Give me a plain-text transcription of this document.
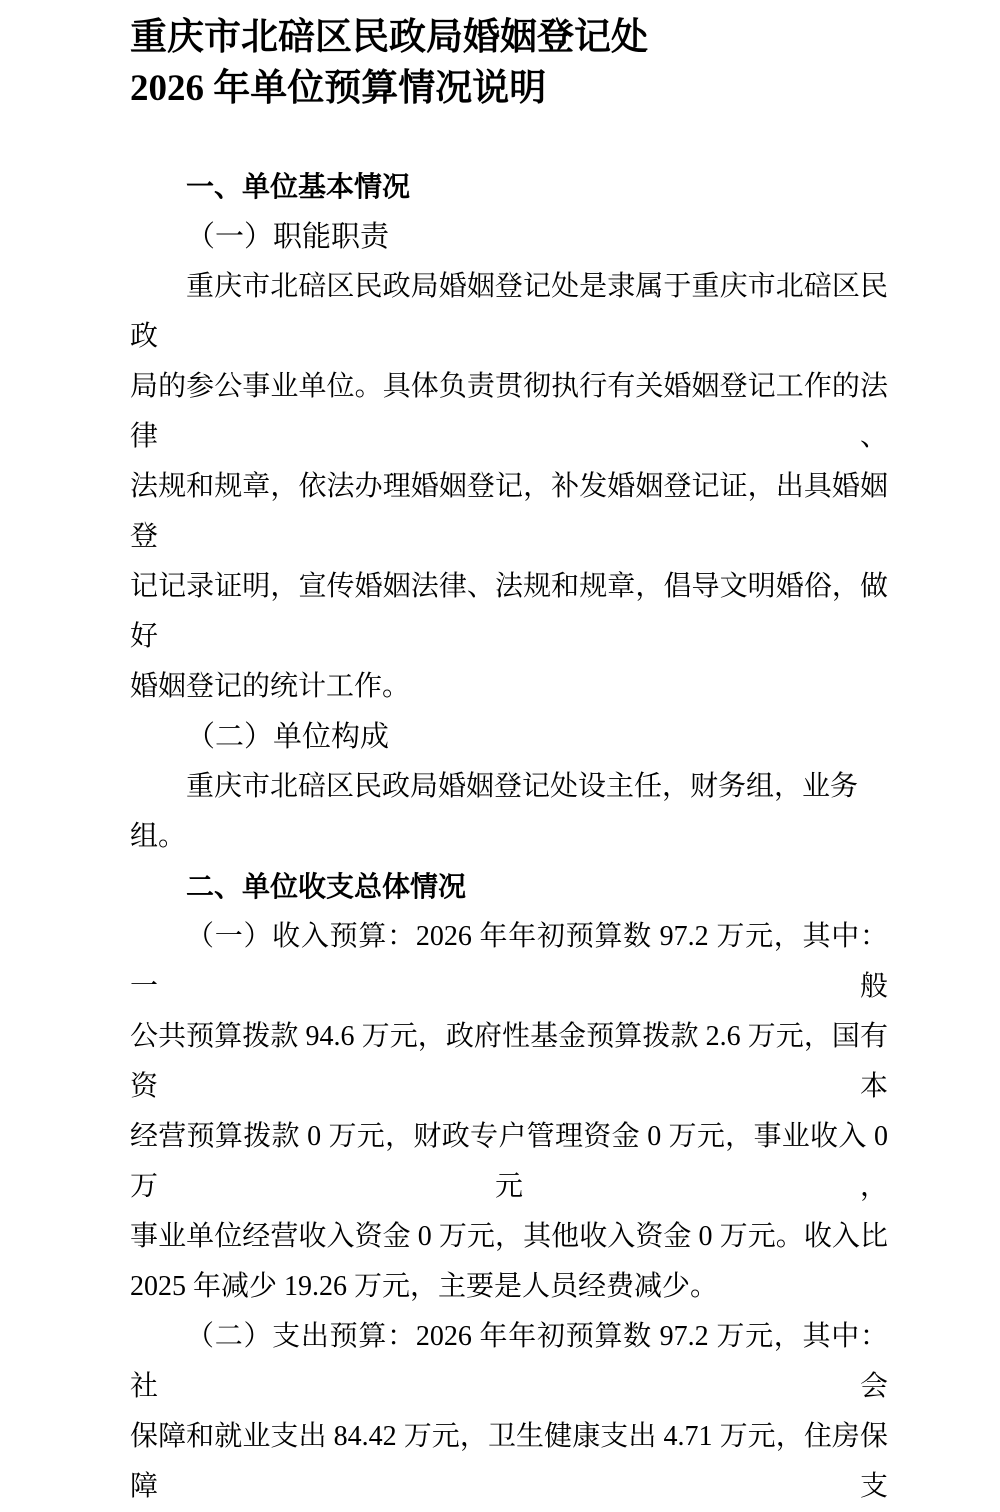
重庆市北碚区民政局婚姻登记处
2026 年单位预算情况说明
一、单位基本情况
（一）职能职责
重庆市北碚区民政局婚姻登记处是隶属于重庆市北碚区民政
局的参公事业单位。具体负责贯彻执行有关婚姻登记工作的法律、
法规和规章，依法办理婚姻登记，补发婚姻登记证，出具婚姻登
记记录证明，宣传婚姻法律、法规和规章，倡导文明婚俗，做好
婚姻登记的统计工作。
（二）单位构成
重庆市北碚区民政局婚姻登记处设主任，财务组，业务组。
二、单位收支总体情况
（一）收入预算：2026 年年初预算数 97.2 万元，其中：一般
公共预算拨款 94.6 万元，政府性基金预算拨款 2.6 万元，国有资本
经营预算拨款 0 万元，财政专户管理资金 0 万元，事业收入 0 万元，
事业单位经营收入资金 0 万元，其他收入资金 0 万元。收入比
2025 年减少 19.26 万元，主要是人员经费减少。
（二）支出预算：2026 年年初预算数 97.2 万元，其中：社会
保障和就业支出 84.42 万元，卫生健康支出 4.71 万元，住房保障支
